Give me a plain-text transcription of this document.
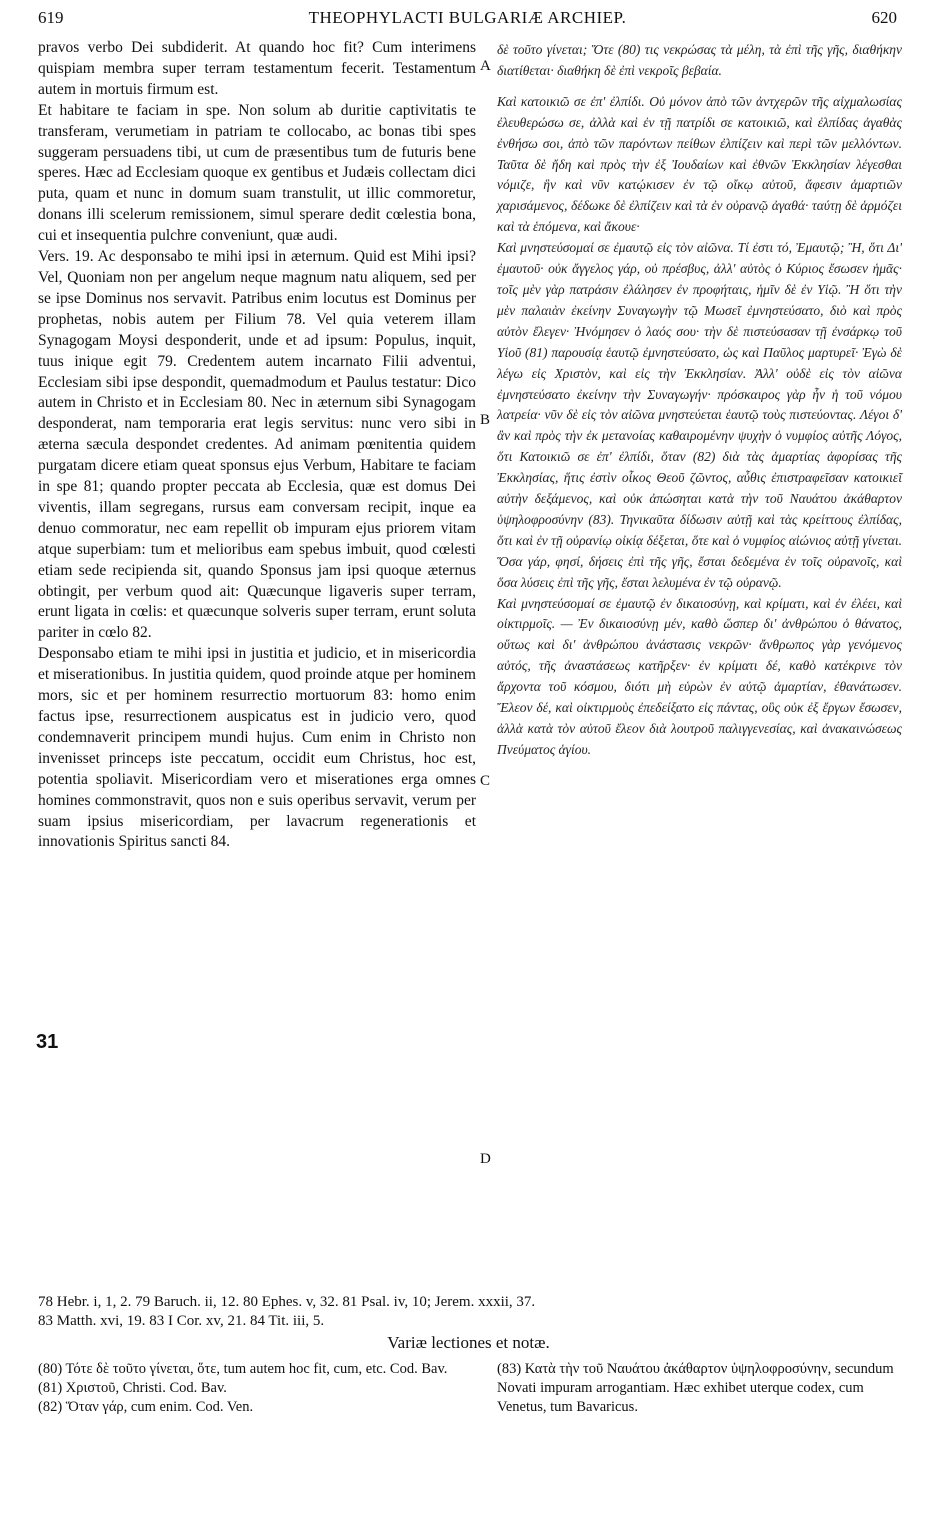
619	THEOPHYLACTI BULGARIÆ ARCHIEP.	620

pravos verbo Dei subdiderit. At quando hoc fit? Cum interimens quispiam membra super terram testamentum fecerit. Testamentum autem in mortuis firmum est.

Et habitare te faciam in spe. Non solum ab duritie captivitatis te transferam, verumetiam in patriam te collocabo, ac bonas tibi spes suggeram persuadens tibi, ut cum de præsentibus tum de futuris bene speres. Hæc ad Ecclesiam quoque ex gentibus et Judæis collectam dici puta, quam et nunc in domum suam transtulit, ut illic commoretur, donans illi scelerum remissionem, simul sperare dedit cœlestia bona, cui et insequentia pulchre conveniunt, quæ audi.

Vers. 19. Ac desponsabo te mihi ipsi in æternum. Quid est Mihi ipsi? Vel, Quoniam non per angelum neque magnum natu aliquem, sed per se ipse Dominus nos servavit. Patribus enim locutus est Dominus per prophetas, nobis autem per Filium 78. Vel quia veterem illam Synagogam Moysi desponderit, unde et ad ipsum: Populus, inquit, tuus inique egit 79. Credentem autem incarnato Filii adventui, Ecclesiam sibi ipse despondit, quemadmodum et Paulus testatur: Dico autem in Christo et in Ecclesiam 80. Nec in æternum sibi Synagogam desponderat, nam temporaria erat legis servitus: nunc vero sibi in æterna sæcula despondet credentes. Ad animam pœnitentia quidem purgatam dicere etiam queat sponsus ejus Verbum, Habitare te faciam in spe 81; quando propter peccata ab Ecclesia, quæ est domus Dei viventis, illam segregans, rursus eam conversam recipit, inque ea denuo commoratur, nec eam repellit ob impuram ejus priorem vitam atque superbiam: tum et melioribus eam spebus imbuit, quod cœlesti etiam sede recipienda sit, quando Sponsus jam ipsi quoque æternus obtingit, per verbum quod ait: Quæcunque ligaveris super terram, erunt ligata in cœlis: et quæcunque solveris super terram, erunt soluta pariter in cœlo 82.

Desponsabo etiam te mihi ipsi in justitia et judicio, et in misericordia et miserationibus. In justitia quidem, quod proinde atque per hominem mors, sic et per hominem resurrectio mortuorum 83: homo enim factus ipse, resurrectionem auspicatus est in judicio vero, quod condemnaverit principem mundi hujus. Cum enim in Christo non invenisset princeps iste peccatum, occidit eum Christus, hoc est, potentia spoliavit. Misericordiam vero et miserationes erga omnes homines commonstravit, quos non e suis operibus servavit, verum per suam ipsius misericordiam, per lavacrum regenerationis et innovationis Spiritus sancti 84.

δὲ τοῦτο γίνεται; Ὅτε (80) τις νεκρώσας τὰ μέλη, τὰ ἐπὶ τῆς γῆς, διαθήκην διατίθεται· διαθήκη δὲ ἐπὶ νεκροῖς βεβαία.

Καὶ κατοικιῶ σε ἐπ' ἐλπίδι. Οὐ μόνον ἀπὸ τῶν ἀντχερῶν τῆς αἰχμαλωσίας ἐλευθερώσω σε, ἀλλὰ καὶ ἐν τῇ πατρίδι σε κατοικιῶ, καὶ ἐλπίδας ἀγαθὰς ἐνθήσω σοι, ἀπὸ τῶν παρόντων πείθων ἐλπίζειν καὶ περὶ τῶν μελλόντων. Ταῦτα δὲ ἤδη καὶ πρὸς τὴν ἐξ Ἰουδαίων καὶ ἐθνῶν Ἐκκλησίαν λέγεσθαι νόμιζε, ἣν καὶ νῦν κατῴκισεν ἐν τῷ οἴκῳ αὐτοῦ, ἄφεσιν ἁμαρτιῶν χαρισάμενος, δέδωκε δὲ ἐλπίζειν καὶ τὰ ἐν οὐρανῷ ἀγαθά· ταύτῃ δὲ ἁρμόζει καὶ τὰ ἑπόμενα, καὶ ἄκουε·

Καὶ μνηστεύσομαί σε ἐμαυτῷ εἰς τὸν αἰῶνα. Τί ἐστι τό, Ἐμαυτῷ; Ἢ, ὅτι Δι' ἐμαυτοῦ· οὐκ ἄγγελος γάρ, οὐ πρέσβυς, ἀλλ' αὐτὸς ὁ Κύριος ἔσωσεν ἡμᾶς· τοῖς μὲν γὰρ πατράσιν ἐλάλησεν ἐν προφήταις, ἡμῖν δὲ ἐν Υἱῷ. Ἢ ὅτι τὴν μὲν παλαιὰν ἐκείνην Συναγωγὴν τῷ Μωσεῖ ἐμνηστεύσατο, διὸ καὶ πρὸς αὐτὸν ἔλεγεν· Ἠνόμησεν ὁ λαός σου· τὴν δὲ πιστεύσασαν τῇ ἐνσάρκῳ τοῦ Υἱοῦ (81) παρουσίᾳ ἑαυτῷ ἐμνηστεύσατο, ὡς καὶ Παῦλος μαρτυρεῖ· Ἐγὼ δὲ λέγω εἰς Χριστὸν, καὶ εἰς τὴν Ἐκκλησίαν. Ἀλλ' οὐδὲ εἰς τὸν αἰῶνα ἐμνηστεύσατο ἐκείνην τὴν Συναγωγήν· πρόσκαιρος γὰρ ἦν ἡ τοῦ νόμου λατρεία· νῦν δὲ εἰς τὸν αἰῶνα μνηστεύεται ἑαυτῷ τοὺς πιστεύοντας. Λέγοι δ' ἂν καὶ πρὸς τὴν ἐκ μετανοίας καθαιρομένην ψυχὴν ὁ νυμφίος αὐτῆς Λόγος, ὅτι Κατοικιῶ σε ἐπ' ἐλπίδι, ὅταν (82) διὰ τὰς ἁμαρτίας ἀφορίσας τῆς Ἐκκλησίας, ἥτις ἐστὶν οἶκος Θεοῦ ζῶντος, αὖθις ἐπιστραφεῖσαν κατοικιεῖ αὐτὴν δεξάμενος, καὶ οὐκ ἀπώσηται κατὰ τὴν τοῦ Ναυάτου ἀκάθαρτον ὑψηλοφροσύνην (83). Τηνικαῦτα δίδωσιν αὐτῇ καὶ τὰς κρείττους ἐλπίδας, ὅτι καὶ ἐν τῇ οὐρανίῳ οἰκίᾳ δέξεται, ὅτε καὶ ὁ νυμφίος αἰώνιος αὐτῇ γίνεται. Ὅσα γάρ, φησί, δήσεις ἐπὶ τῆς γῆς, ἔσται δεδεμένα ἐν τοῖς οὐρανοῖς, καὶ ὅσα λύσεις ἐπὶ τῆς γῆς, ἔσται λελυμένα ἐν τῷ οὐρανῷ.

Καὶ μνηστεύσομαί σε ἐμαυτῷ ἐν δικαιοσύνῃ, καὶ κρίματι, καὶ ἐν ἐλέει, καὶ οἰκτιρμοῖς. — Ἐν δικαιοσύνῃ μέν, καθὸ ὥσπερ δι' ἀνθρώπου ὁ θάνατος, οὕτως καὶ δι' ἀνθρώπου ἀνάστασις νεκρῶν· ἄνθρωπος γὰρ γενόμενος αὐτός, τῆς ἀναστάσεως κατῆρξεν· ἐν κρίματι δέ, καθὸ κατέκρινε τὸν ἄρχοντα τοῦ κόσμου, διότι μὴ εὑρὼν ἐν αὐτῷ ἁμαρτίαν, ἐθανάτωσεν. Ἔλεον δέ, καὶ οἰκτιρμοὺς ἐπεδείξατο εἰς πάντας, οὓς οὐκ ἐξ ἔργων ἔσωσεν, ἀλλὰ κατὰ τὸν αὐτοῦ ἔλεον διὰ λουτροῦ παλιγγενεσίας, καὶ ἀνακαινώσεως Πνεύματος ἁγίου.

A
B
C
D
31
78 Hebr. i, 1, 2. 79 Baruch. ii, 12. 80 Ephes. v, 32. 81 Psal. iv, 10; Jerem. xxxii, 37.
83 Matth. xvi, 19. 83 I Cor. xv, 21. 84 Tit. iii, 5.
Variæ lectiones et notæ.

(80) Τότε δὲ τοῦτο γίνεται, ὅτε, tum autem hoc fit, cum, etc. Cod. Bav.

(81) Χριστοῦ, Christi. Cod. Bav.

(82) Ὅταν γάρ, cum enim. Cod. Ven.

(83) Κατὰ τὴν τοῦ Ναυάτου ἀκάθαρτον ὑψηλοφροσύνην, secundum Novati impuram arrogantiam. Hæc exhibet uterque codex, cum Venetus, tum Bavaricus.
